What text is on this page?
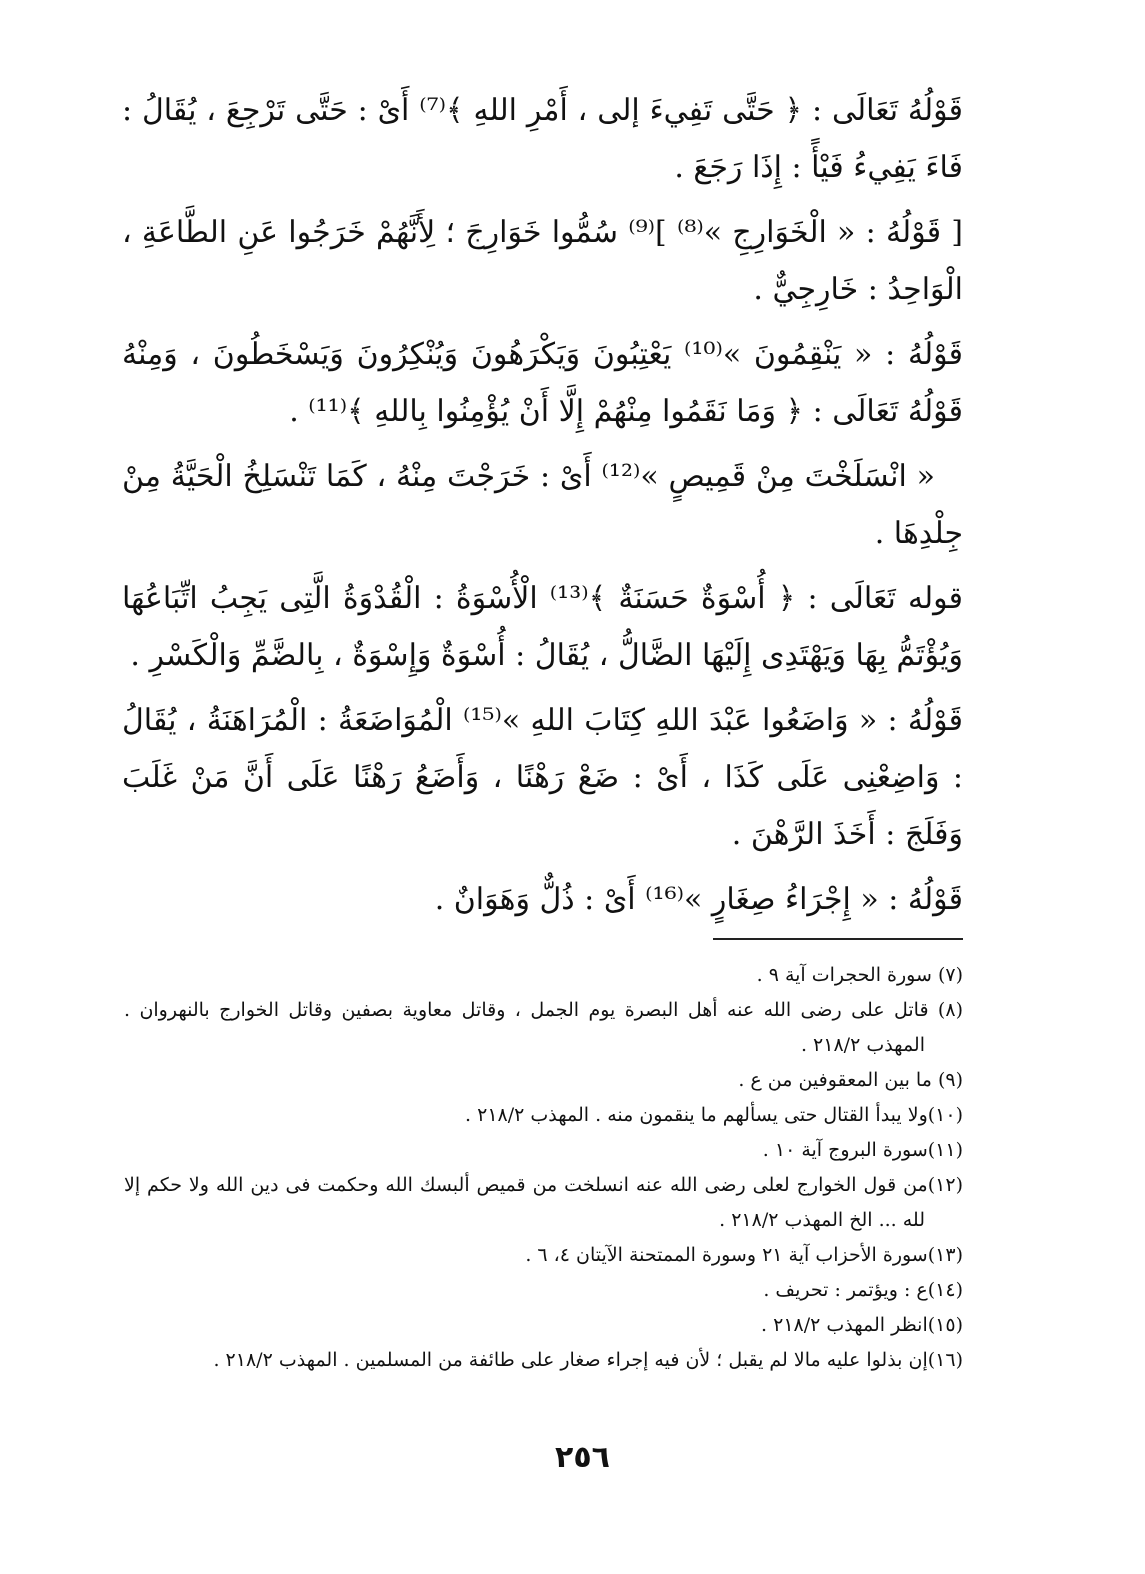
قَوْلُهُ تَعَالَى : ﴿ حَتَّى تَفِيءَ إلى ، أَمْرِ اللهِ ﴾⁽⁷⁾ أَىْ : حَتَّى تَرْجِعَ ، يُقَالُ : فَاءَ يَفِيءُ فَيْأً : إِذَا رَجَعَ .

[ قَوْلُهُ : « الْخَوَارِجِ »⁽⁸⁾ ]⁽⁹⁾ سُمُّوا خَوَارِجَ ؛ لِأَنَّهُمْ خَرَجُوا عَنِ الطَّاعَةِ ، الْوَاحِدُ : خَارِجِيٌّ .

قَوْلُهُ : « يَنْقِمُونَ »⁽¹⁰⁾ يَعْتِبُونَ وَيَكْرَهُونَ وَيُنْكِرُونَ وَيَسْخَطُونَ ، وَمِنْهُ قَوْلُهُ تَعَالَى : ﴿ وَمَا نَقَمُوا مِنْهُمْ إِلَّا أَنْ يُؤْمِنُوا بِاللهِ ﴾⁽¹¹⁾ .

« انْسَلَخْتَ مِنْ قَمِيصٍ »⁽¹²⁾ أَىْ : خَرَجْتَ مِنْهُ ، كَمَا تَنْسَلِخُ الْحَيَّةُ مِنْ جِلْدِهَا .

قوله تَعَالَى : ﴿ أُسْوَةٌ حَسَنَةٌ ﴾⁽¹³⁾ الْأُسْوَةُ : الْقُدْوَةُ الَّتِى يَجِبُ اتِّبَاعُهَا وَيُؤْتَمُّ بِهَا وَيَهْتَدِى إِلَيْهَا الضَّالُّ ، يُقَالُ : أُسْوَةٌ وَإِسْوَةٌ ، بِالضَّمِّ وَالْكَسْرِ .

قَوْلُهُ : « وَاضَعُوا عَبْدَ اللهِ كِتَابَ اللهِ »⁽¹⁵⁾ الْمُوَاضَعَةُ : الْمُرَاهَنَةُ ، يُقَالُ : وَاضِعْنِى عَلَى كَذَا ، أَىْ : ضَعْ رَهْنًا ، وَأَضَعُ رَهْنًا عَلَى أَنَّ مَنْ غَلَبَ وَفَلَجَ : أَخَذَ الرَّهْنَ .

قَوْلُهُ : « إِجْرَاءُ صِغَارٍ »⁽¹⁶⁾ أَىْ : ذُلٌّ وَهَوَانٌ .

(٧) سورة الحجرات آية ٩ .

(٨) قاتل على رضى الله عنه أهل البصرة يوم الجمل ، وقاتل معاوية بصفين وقاتل الخوارج بالنهروان . المهذب ٢١٨/٢ .

(٩) ما بين المعقوفين من ع .

(١٠)ولا يبدأ القتال حتى يسألهم ما ينقمون منه . المهذب ٢١٨/٢ .

(١١)سورة البروج آية ١٠ .

(١٢)من قول الخوارج لعلى رضى الله عنه انسلخت من قميص ألبسك الله وحكمت فى دين الله ولا حكم إلا لله ... الخ المهذب ٢١٨/٢ .

(١٣)سورة الأحزاب آية ٢١ وسورة الممتحنة الآيتان ٤، ٦ .

(١٤)ع : ويؤتمر : تحريف .

(١٥)انظر المهذب ٢١٨/٢ .

(١٦)إن بذلوا عليه مالا لم يقبل ؛ لأن فيه إجراء صغار على طائفة من المسلمين . المهذب ٢١٨/٢ .

٢٥٦
